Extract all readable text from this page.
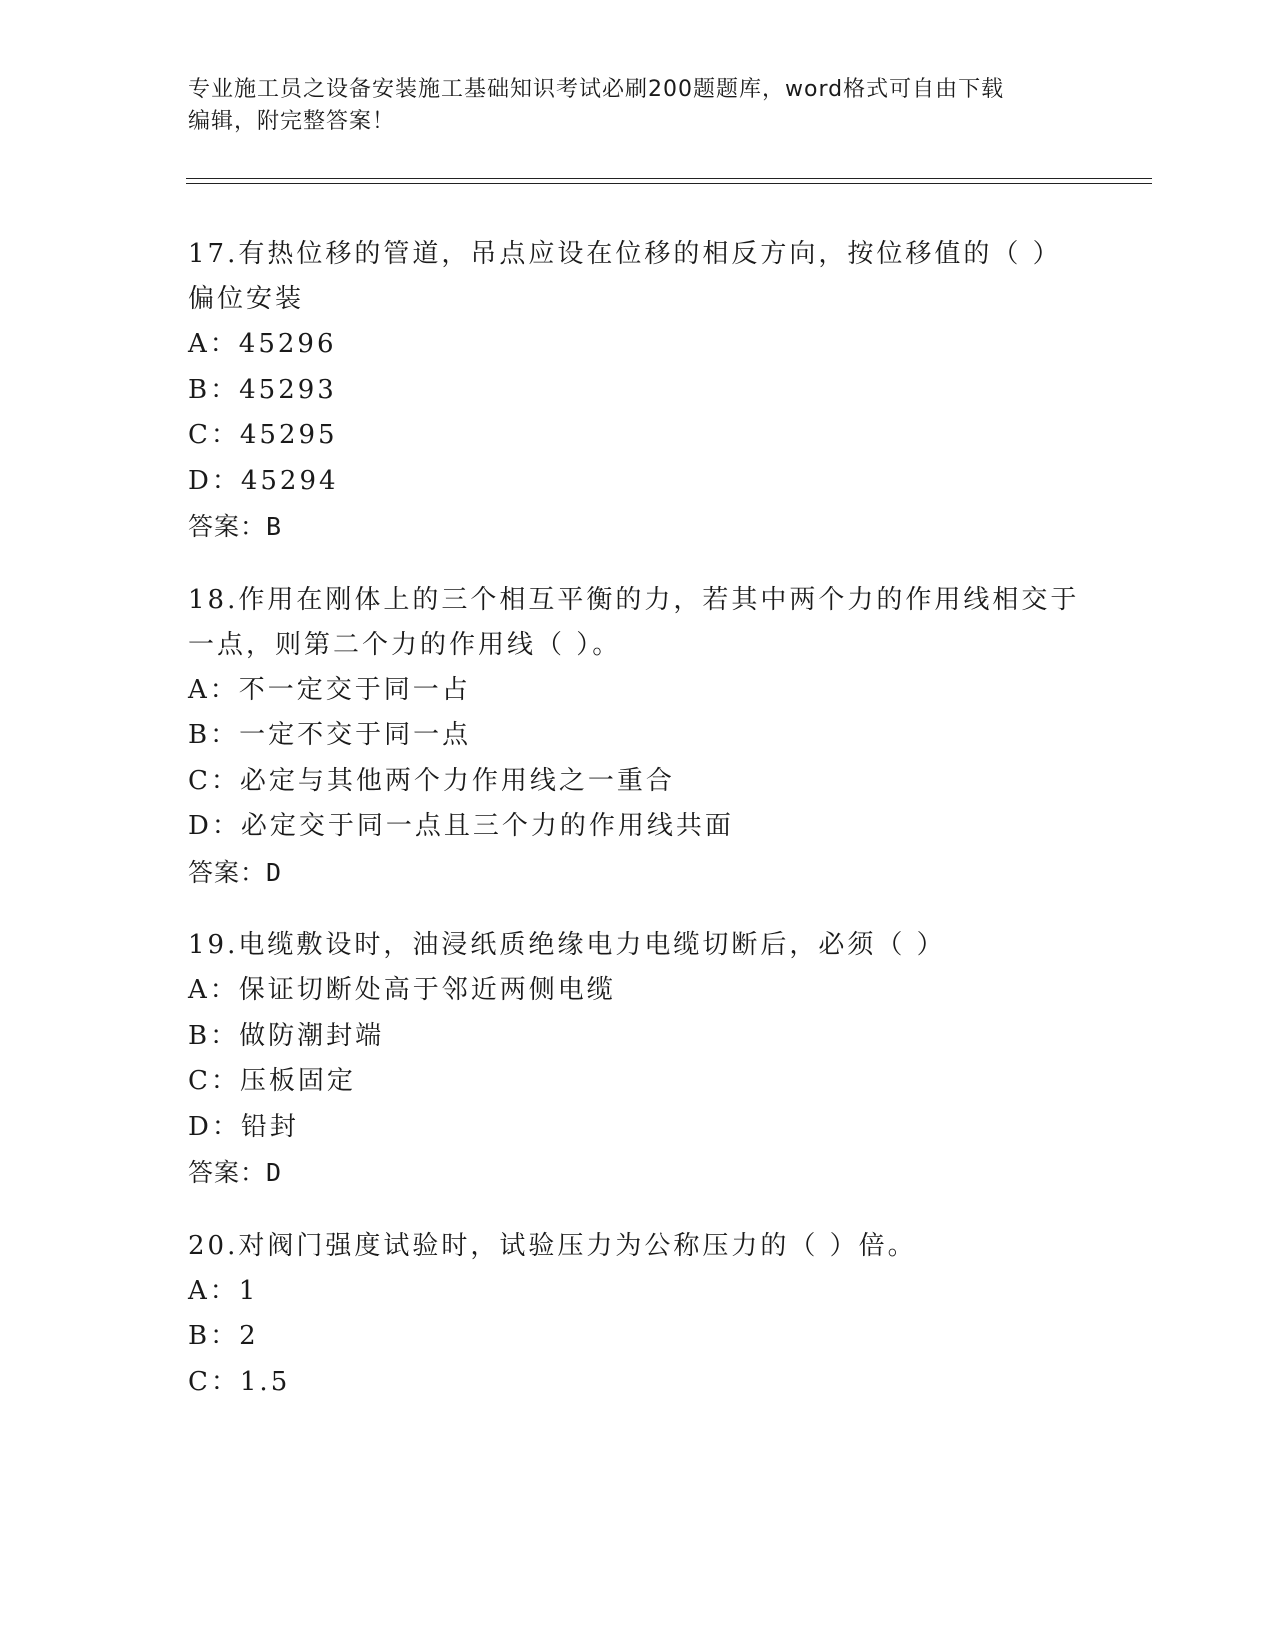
专业施工员之设备安装施工基础知识考试必刷200题题库，word格式可自由下载
编辑，附完整答案！

17.有热位移的管道，吊点应设在位移的相反方向，按位移值的（ ）偏位安装

A：45296

B：45293

C：45295

D：45294

答案：B

18.作用在刚体上的三个相互平衡的力，若其中两个力的作用线相交于一点，则第二个力的作用线（ ）。

A：不一定交于同一占

B：一定不交于同一点

C：必定与其他两个力作用线之一重合

D：必定交于同一点且三个力的作用线共面

答案：D

19.电缆敷设时，油浸纸质绝缘电力电缆切断后，必须（ ）

A：保证切断处高于邻近两侧电缆

B：做防潮封端

C：压板固定

D：铅封

答案：D

20.对阀门强度试验时，试验压力为公称压力的（ ）倍。

A：1

B：2

C：1.5
